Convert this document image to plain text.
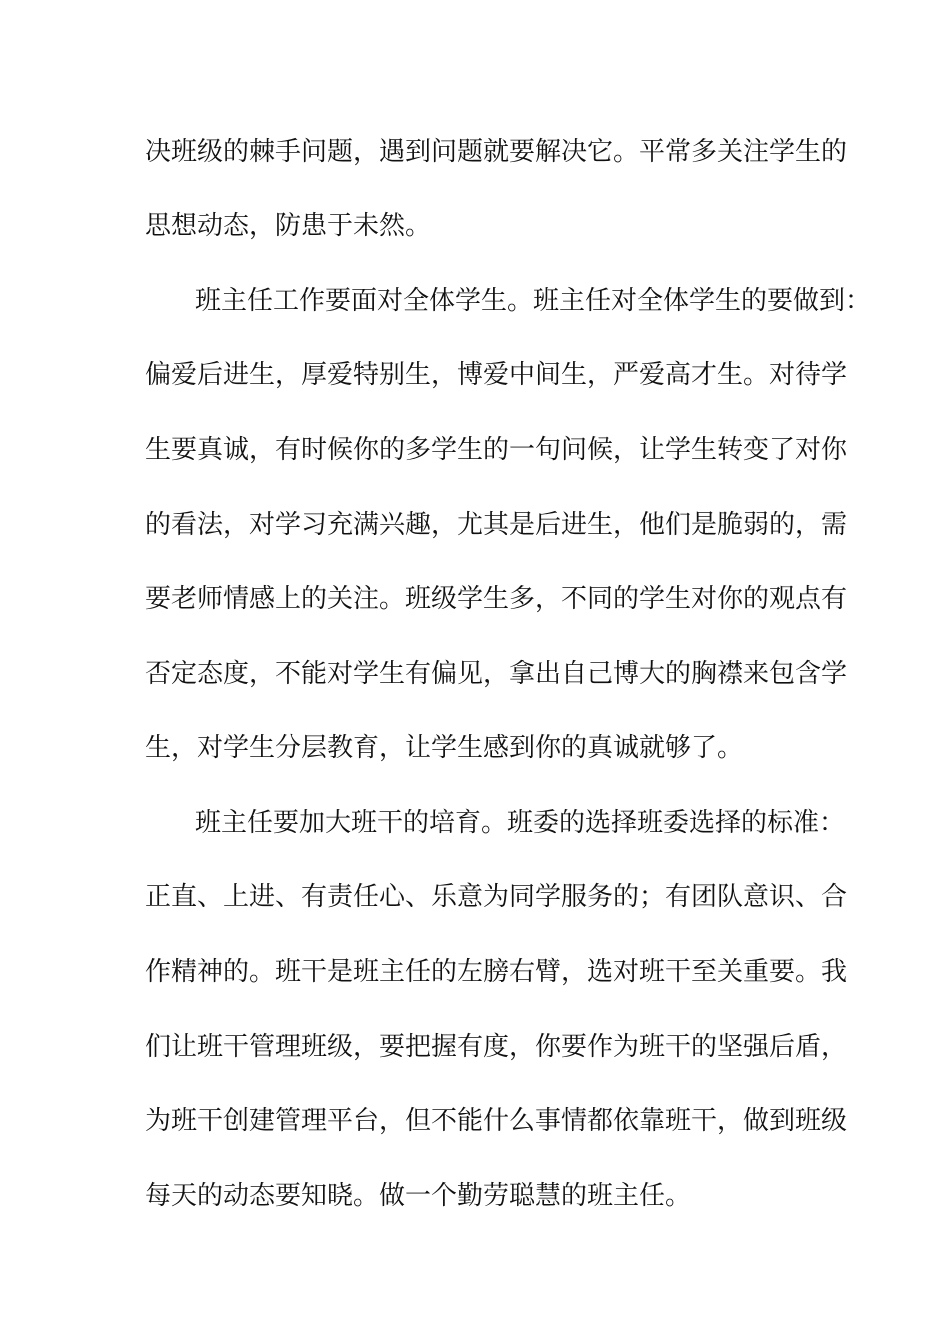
决班级的棘手问题，遇到问题就要解决它。平常多关注学生的

思想动态，防患于未然。

班主任工作要面对全体学生。班主任对全体学生的要做到：

偏爱后进生，厚爱特别生，博爱中间生，严爱高才生。对待学

生要真诚，有时候你的多学生的一句问候，让学生转变了对你

的看法，对学习充满兴趣，尤其是后进生，他们是脆弱的，需

要老师情感上的关注。班级学生多，不同的学生对你的观点有

否定态度，不能对学生有偏见，拿出自己博大的胸襟来包含学

生，对学生分层教育，让学生感到你的真诚就够了。

班主任要加大班干的培育。班委的选择班委选择的标准：

正直、上进、有责任心、乐意为同学服务的；有团队意识、合

作精神的。班干是班主任的左膀右臂，选对班干至关重要。我

们让班干管理班级，要把握有度，你要作为班干的坚强后盾，

为班干创建管理平台，但不能什么事情都依靠班干，做到班级

每天的动态要知晓。做一个勤劳聪慧的班主任。
